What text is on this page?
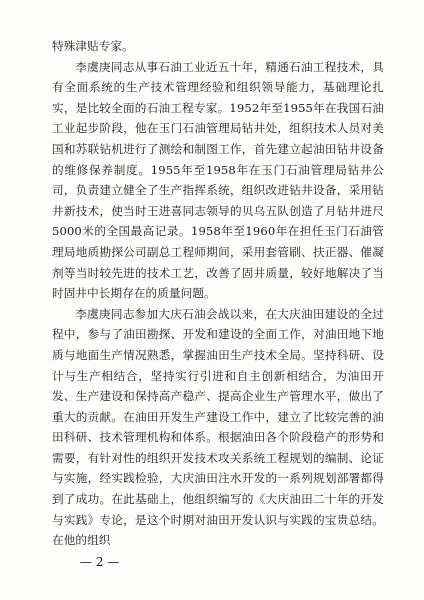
特殊津贴专家。

李虞庚同志从事石油工业近五十年，精通石油工程技术，具有全面系统的生产技术管理经验和组织领导能力，基础理论扎实，是比较全面的石油工程专家。1952年至1955年在我国石油工业起步阶段，他在玉门石油管理局钻井处，组织技术人员对美国和苏联钻机进行了测绘和制图工作，首先建立起油田钻井设备的维修保养制度。1955年至1958年在玉门石油管理局钻井公司，负责建立健全了生产指挥系统，组织改进钻井设备，采用钻井新技术，使当时王进喜同志领导的贝乌五队创造了月钻井进尺5000米的全国最高记录。1958年至1960年在担任玉门石油管理局地质勘探公司副总工程师期间，采用套管刷、扶正器、催凝剂等当时较先进的技术工艺，改善了固井质量，较好地解决了当时固井中长期存在的质量问题。

李虞庚同志参加大庆石油会战以来，在大庆油田建设的全过程中，参与了油田勘探、开发和建设的全面工作，对油田地下地质与地面生产情况熟悉，掌握油田生产技术全局。坚持科研、设计与生产相结合，坚持实行引进和自主创新相结合，为油田开发、生产建设和保持高产稳产、提高企业生产管理水平，做出了重大的贡献。在油田开发生产建设工作中，建立了比较完善的油田科研、技术管理机构和体系。根据油田各个阶段稳产的形势和需要，有针对性的组织开发技术攻关系统工程规划的编制、论证与实施，经实践检验，大庆油田注水开发的一系列规划部署都得到了成功。在此基础上，他组织编写的《大庆油田二十年的开发与实践》专论，是这个时期对油田开发认识与实践的宝贵总结。在他的组织

— 2 —
